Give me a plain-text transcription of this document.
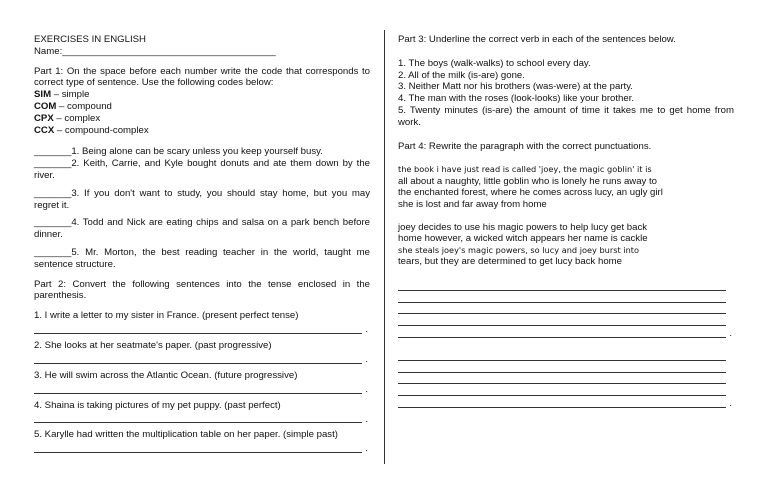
EXERCISES IN ENGLISH

Name:________________________________________

Part 1: On the space before each number write the code that corresponds to correct type of sentence. Use the following codes below:

SIM – simple

COM – compound

CPX – complex

CCX – compound-complex

_______1. Being alone can be scary unless you keep yourself busy.

_______2. Keith, Carrie, and Kyle bought donuts and ate them down by the river.

_______3. If you don't want to study, you should stay home, but you may regret it.

_______4. Todd and Nick are eating chips and salsa on a park bench before dinner.

_______5. Mr. Morton, the best reading teacher in the world, taught me sentence structure.

Part 2: Convert the following sentences into the tense enclosed in the parenthesis.

1. I write a letter to my sister in France. (present perfect tense)

.

2. She looks at her seatmate's paper. (past progressive)

.

3. He will swim across the Atlantic Ocean. (future progressive)

.

4. Shaina is taking pictures of my pet puppy. (past perfect)

.

5. Karylle had written the multiplication table on her paper. (simple past)

.

Part 3: Underline the correct verb in each of the sentences below.

1. The boys (walk-walks) to school every day.

2. All of the milk (is-are) gone.

3. Neither Matt nor his brothers (was-were) at the party.

4. The man with the roses (look-looks) like your brother.

5. Twenty minutes (is-are) the amount of time it takes me to get home from work.

Part 4: Rewrite the paragraph with the correct punctuations.

the book i have just read is called 'joey, the magic goblin' it is

all about a naughty, little goblin who is lonely he runs away to

the enchanted forest, where he comes across lucy, an ugly girl

she is lost and far away from home

joey decides to use his magic powers to help lucy get back

home however, a wicked witch appears her name is cackle

she steals joey's magic powers, so lucy and joey burst into

tears, but they are determined to get lucy back home

.
.
